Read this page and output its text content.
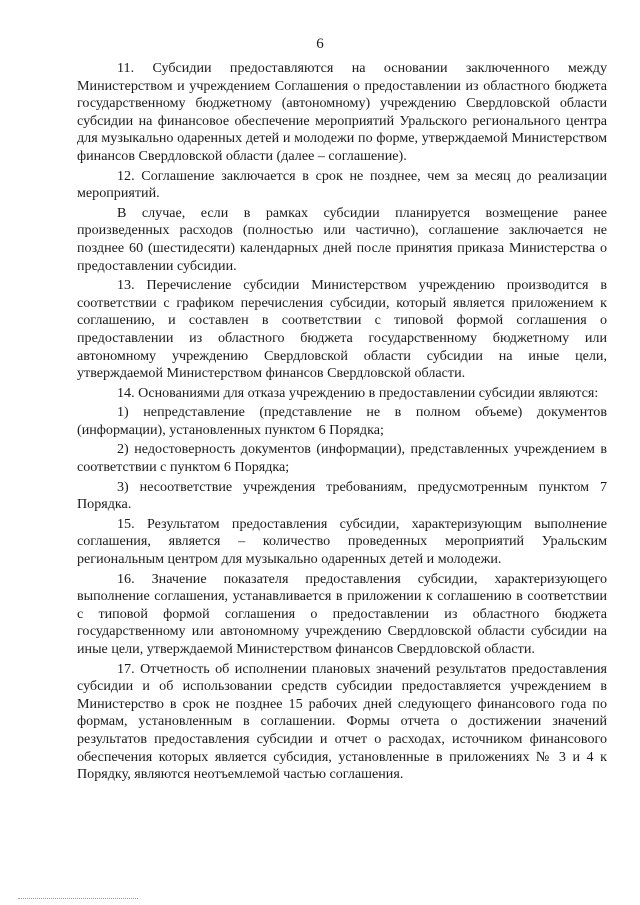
6

11. Субсидии предоставляются на основании заключенного между Министерством и учреждением Соглашения о предоставлении из областного бюджета государственному бюджетному (автономному) учреждению Свердловской области субсидии на финансовое обеспечение мероприятий Уральского регионального центра для музыкально одаренных детей и молодежи по форме, утверждаемой Министерством финансов Свердловской области (далее – соглашение).

12. Соглашение заключается в срок не позднее, чем за месяц до реализации мероприятий.

В случае, если в рамках субсидии планируется возмещение ранее произведенных расходов (полностью или частично), соглашение заключается не позднее 60 (шестидесяти) календарных дней после принятия приказа Министерства о предоставлении субсидии.

13. Перечисление субсидии Министерством учреждению производится в соответствии с графиком перечисления субсидии, который является приложением к соглашению, и составлен в соответствии с типовой формой соглашения о предоставлении из областного бюджета государственному бюджетному или автономному учреждению Свердловской области субсидии на иные цели, утверждаемой Министерством финансов Свердловской области.

14. Основаниями для отказа учреждению в предоставлении субсидии являются:

1) непредставление (представление не в полном объеме) документов (информации), установленных пунктом 6 Порядка;

2) недостоверность документов (информации), представленных учреждением в соответствии с пунктом 6 Порядка;

3) несоответствие учреждения требованиям, предусмотренным пунктом 7 Порядка.

15. Результатом предоставления субсидии, характеризующим выполнение соглашения, является – количество проведенных мероприятий Уральским региональным центром для музыкально одаренных детей и молодежи.

16. Значение показателя предоставления субсидии, характеризующего выполнение соглашения, устанавливается в приложении к соглашению в соответствии с типовой формой соглашения о предоставлении из областного бюджета государственному или автономному учреждению Свердловской области субсидии на иные цели, утверждаемой Министерством финансов Свердловской области.

17. Отчетность об исполнении плановых значений результатов предоставления субсидии и об использовании средств субсидии предоставляется учреждением в Министерство в срок не позднее 15 рабочих дней следующего финансового года по формам, установленным в соглашении. Формы отчета о достижении значений результатов предоставления субсидии и отчет о расходах, источником финансового обеспечения которых является субсидия, установленные в приложениях № 3 и 4 к Порядку, являются неотъемлемой частью соглашения.
